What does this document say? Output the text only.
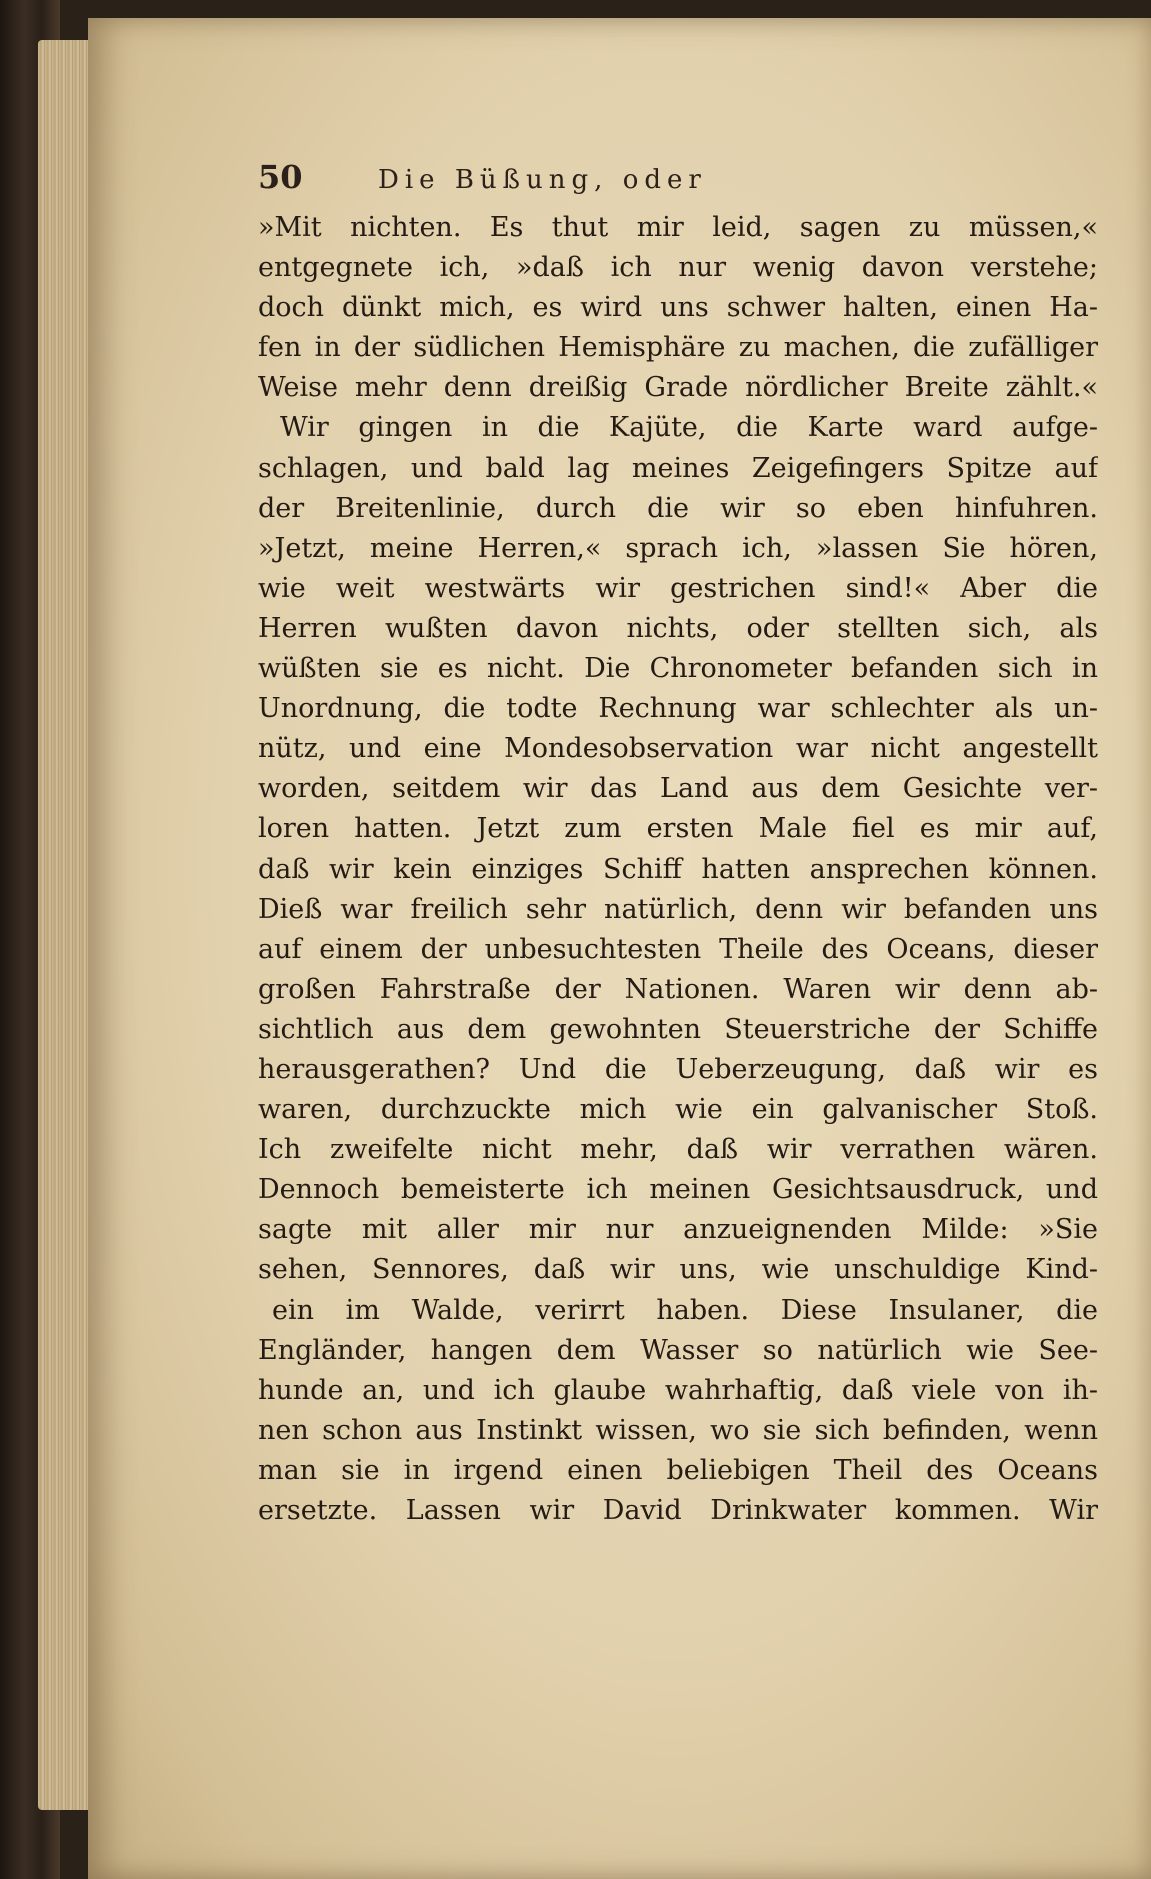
50	Die Büßung, oder
»Mit nichten. Es thut mir leid, sagen zu müssen,«
entgegnete ich, »daß ich nur wenig davon verstehe;
doch dünkt mich, es wird uns schwer halten, einen Ha-
fen in der südlichen Hemisphäre zu machen, die zufälliger
Weise mehr denn dreißig Grade nördlicher Breite zählt.«
Wir gingen in die Kajüte, die Karte ward aufge-
schlagen, und bald lag meines Zeigefingers Spitze auf
der Breitenlinie, durch die wir so eben hinfuhren.
»Jetzt, meine Herren,« sprach ich, »lassen Sie hören,
wie weit westwärts wir gestrichen sind!« Aber die
Herren wußten davon nichts, oder stellten sich, als
wüßten sie es nicht. Die Chronometer befanden sich in
Unordnung, die todte Rechnung war schlechter als un-
nütz, und eine Mondesobservation war nicht angestellt
worden, seitdem wir das Land aus dem Gesichte ver-
loren hatten. Jetzt zum ersten Male fiel es mir auf,
daß wir kein einziges Schiff hatten ansprechen können.
Dieß war freilich sehr natürlich, denn wir befanden uns
auf einem der unbesuchtesten Theile des Oceans, dieser
großen Fahrstraße der Nationen. Waren wir denn ab-
sichtlich aus dem gewohnten Steuerstriche der Schiffe
herausgerathen? Und die Ueberzeugung, daß wir es
waren, durchzuckte mich wie ein galvanischer Stoß.
Ich zweifelte nicht mehr, daß wir verrathen wären.
Dennoch bemeisterte ich meinen Gesichtsausdruck, und
sagte mit aller mir nur anzueignenden Milde: »Sie
sehen, Sennores, daß wir uns, wie unschuldige Kind-
ein im Walde, verirrt haben. Diese Insulaner, die
Engländer, hangen dem Wasser so natürlich wie See-
hunde an, und ich glaube wahrhaftig, daß viele von ih-
nen schon aus Instinkt wissen, wo sie sich befinden, wenn
man sie in irgend einen beliebigen Theil des Oceans
ersetzte. Lassen wir David Drinkwater kommen. Wir
